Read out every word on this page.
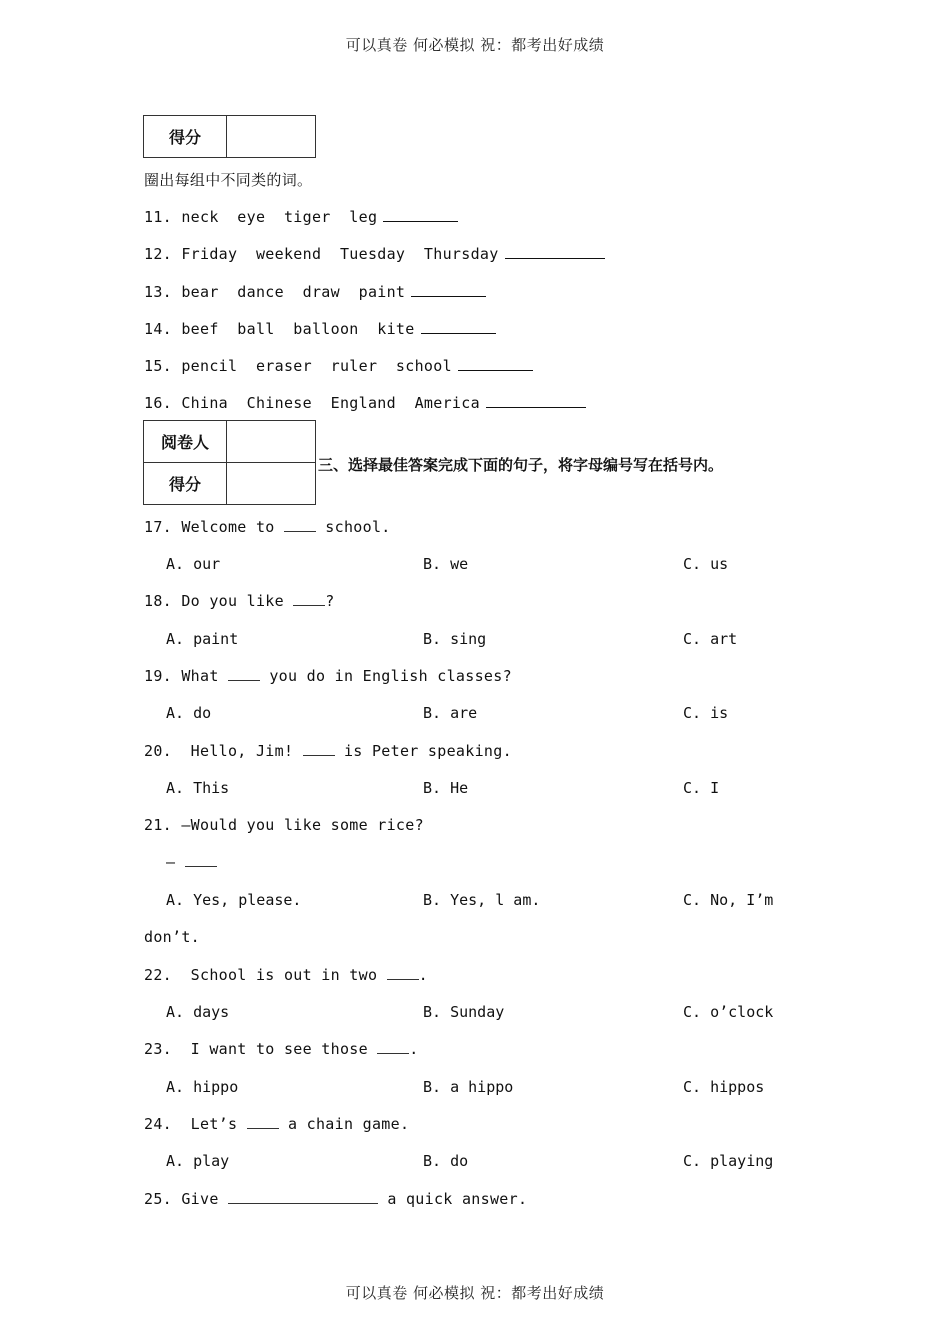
可以真卷 何必模拟 祝：都考出好成绩
得分	
圈出每组中不同类的词。
11. neck  eye  tiger  leg
12. Friday  weekend  Tuesday  Thursday
13. bear  dance  draw  paint
14. beef  ball  balloon  kite
15. pencil  eraser  ruler  school
16. China  Chinese  England  America
阅卷人	
得分	
三、选择最佳答案完成下面的句子，将字母编号写在括号内。
17. Welcome to  school.
A. our	B. we	C. us
18. Do you like ?
A. paint	B. sing	C. art
19. What  you do in English classes?
A. do	B. are	C. is
20.  Hello, Jim!  is Peter speaking.
A. This	B. He	C. I
21. —Would you like some rice?
—
A. Yes, please.	B. Yes, l am.	C. No, I’m
don’t.
22.  School is out in two .
A. days	B. Sunday	C. o’clock
23.  I want to see those .
A. hippo	B. a hippo	C. hippos
24.  Let’s  a chain game.
A. play	B. do	C. playing
25. Give	a quick answer.
可以真卷 何必模拟 祝：都考出好成绩
